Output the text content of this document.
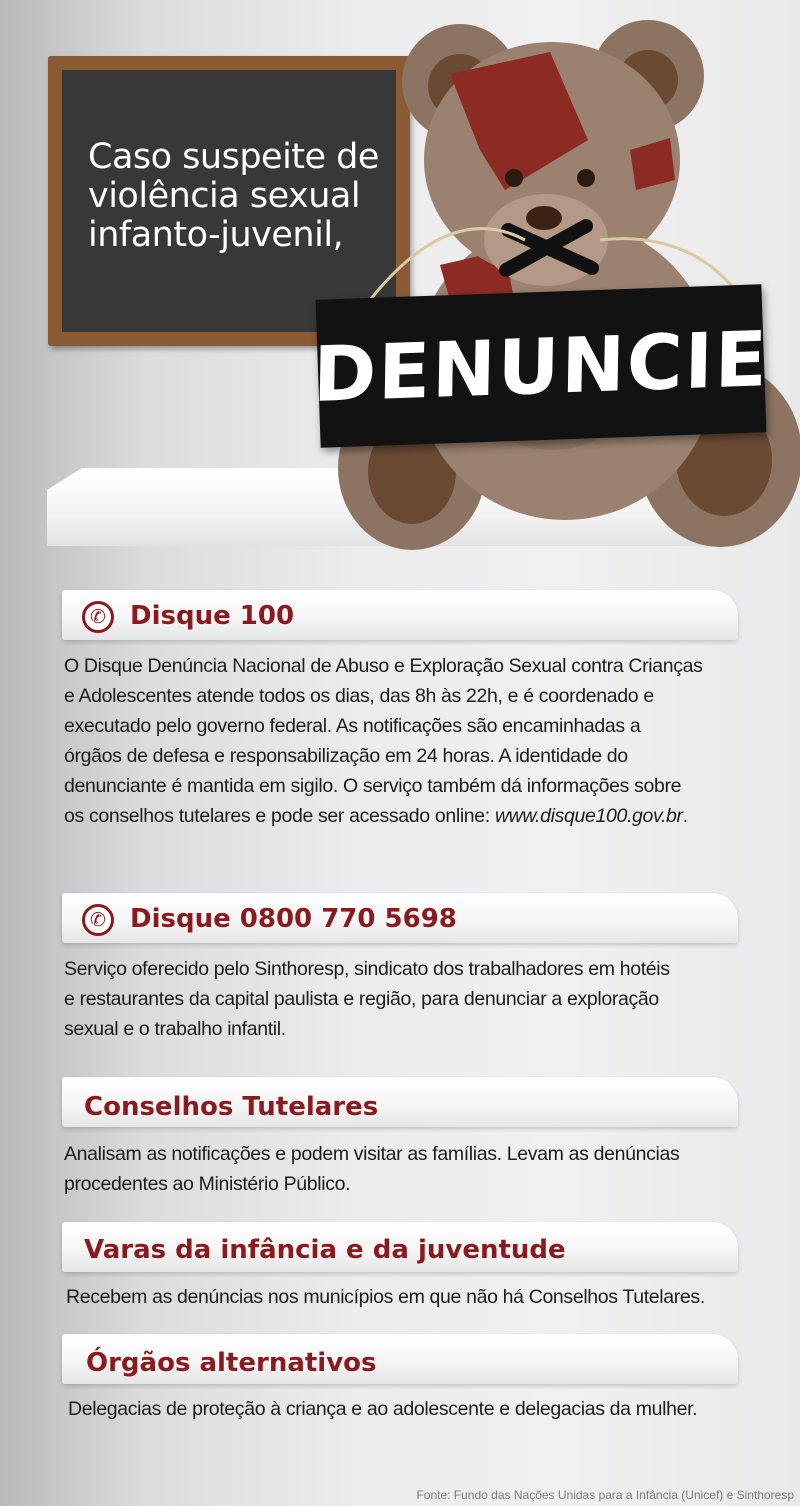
Caso suspeite de
violência sexual
infanto-juvenil,
DENUNCIE
✆ Disque 100

O Disque Denúncia Nacional de Abuso e Exploração Sexual contra Crianças
e Adolescentes atende todos os dias, das 8h às 22h, e é coordenado e
executado pelo governo federal. As notificações são encaminhadas a
órgãos de defesa e responsabilização em 24 horas. A identidade do
denunciante é mantida em sigilo. O serviço também dá informações sobre
os conselhos tutelares e pode ser acessado online: www.disque100.gov.br.

✆ Disque 0800 770 5698

Serviço oferecido pelo Sinthoresp, sindicato dos trabalhadores em hotéis
e restaurantes da capital paulista e região, para denunciar a exploração
sexual e o trabalho infantil.

Conselhos Tutelares

Analisam as notificações e podem visitar as famílias. Levam as denúncias
procedentes ao Ministério Público.

Varas da infância e da juventude

Recebem as denúncias nos municípios em que não há Conselhos Tutelares.

Órgãos alternativos

Delegacias de proteção à criança e ao adolescente e delegacias da mulher.

Fonte: Fundo das Nações Unidas para a Infância (Unicef) e Sinthoresp
